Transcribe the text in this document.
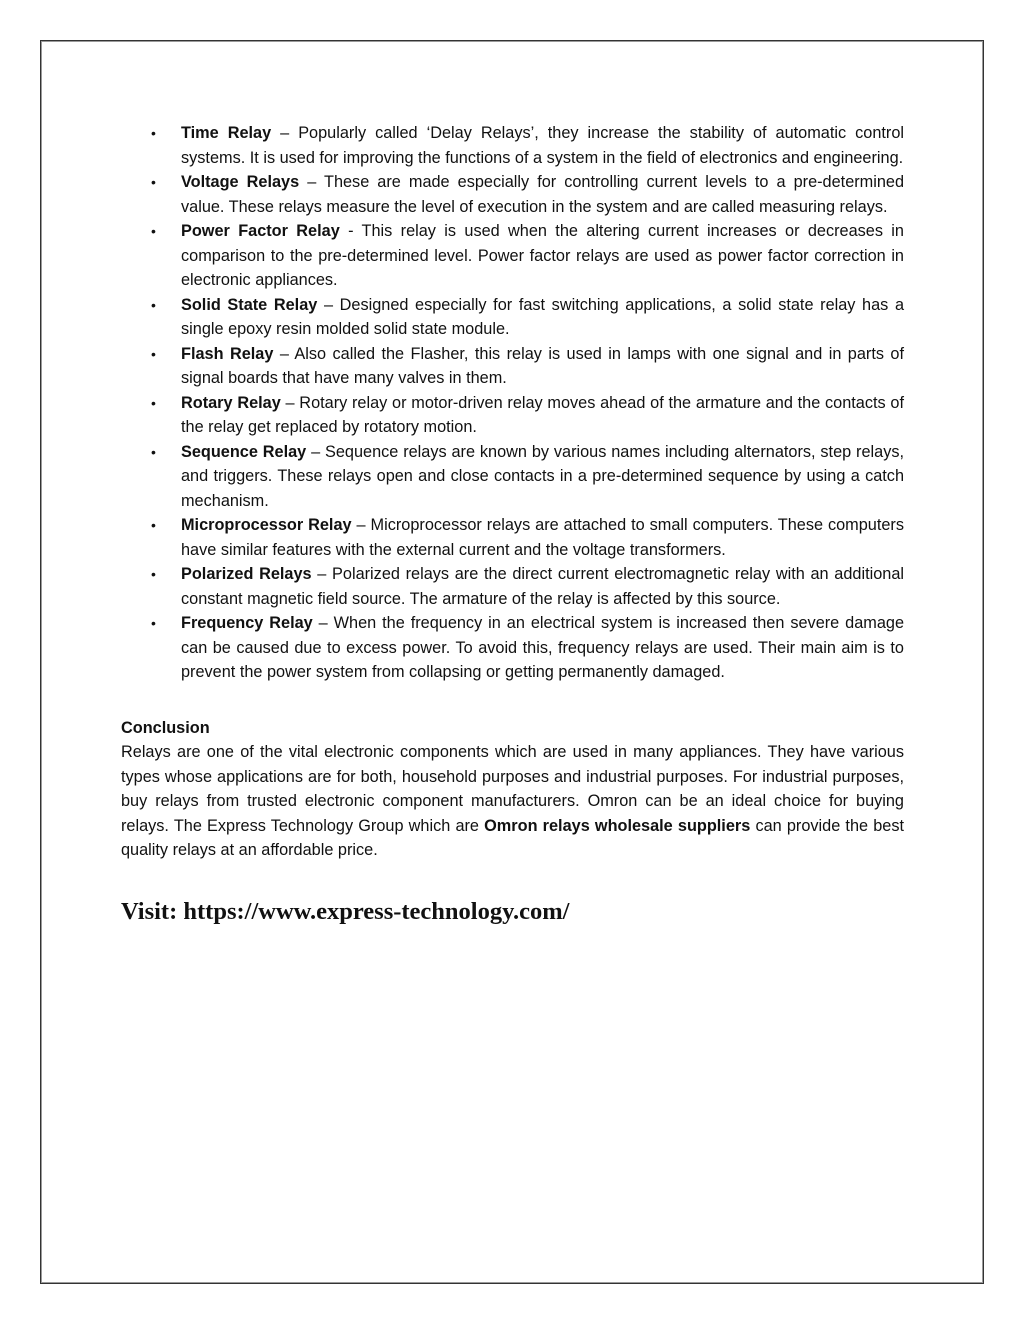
• Time Relay – Popularly called ‘Delay Relays’, they increase the stability of automatic control systems. It is used for improving the functions of a system in the field of electronics and engineering.
• Voltage Relays – These are made especially for controlling current levels to a pre-determined value. These relays measure the level of execution in the system and are called measuring relays.
• Power Factor Relay - This relay is used when the altering current increases or decreases in comparison to the pre-determined level. Power factor relays are used as power factor correction in electronic appliances.
• Solid State Relay – Designed especially for fast switching applications, a solid state relay has a single epoxy resin molded solid state module.
• Flash Relay – Also called the Flasher, this relay is used in lamps with one signal and in parts of signal boards that have many valves in them.
• Rotary Relay – Rotary relay or motor-driven relay moves ahead of the armature and the contacts of the relay get replaced by rotatory motion.
• Sequence Relay – Sequence relays are known by various names including alternators, step relays, and triggers. These relays open and close contacts in a pre-determined sequence by using a catch mechanism.
• Microprocessor Relay – Microprocessor relays are attached to small computers. These computers have similar features with the external current and the voltage transformers.
• Polarized Relays – Polarized relays are the direct current electromagnetic relay with an additional constant magnetic field source. The armature of the relay is affected by this source.
• Frequency Relay – When the frequency in an electrical system is increased then severe damage can be caused due to excess power. To avoid this, frequency relays are used. Their main aim is to prevent the power system from collapsing or getting permanently damaged.
Conclusion
Relays are one of the vital electronic components which are used in many appliances. They have various types whose applications are for both, household purposes and industrial purposes. For industrial purposes, buy relays from trusted electronic component manufacturers. Omron can be an ideal choice for buying relays. The Express Technology Group which are Omron relays wholesale suppliers can provide the best quality relays at an affordable price.
Visit: https://www.express-technology.com/
